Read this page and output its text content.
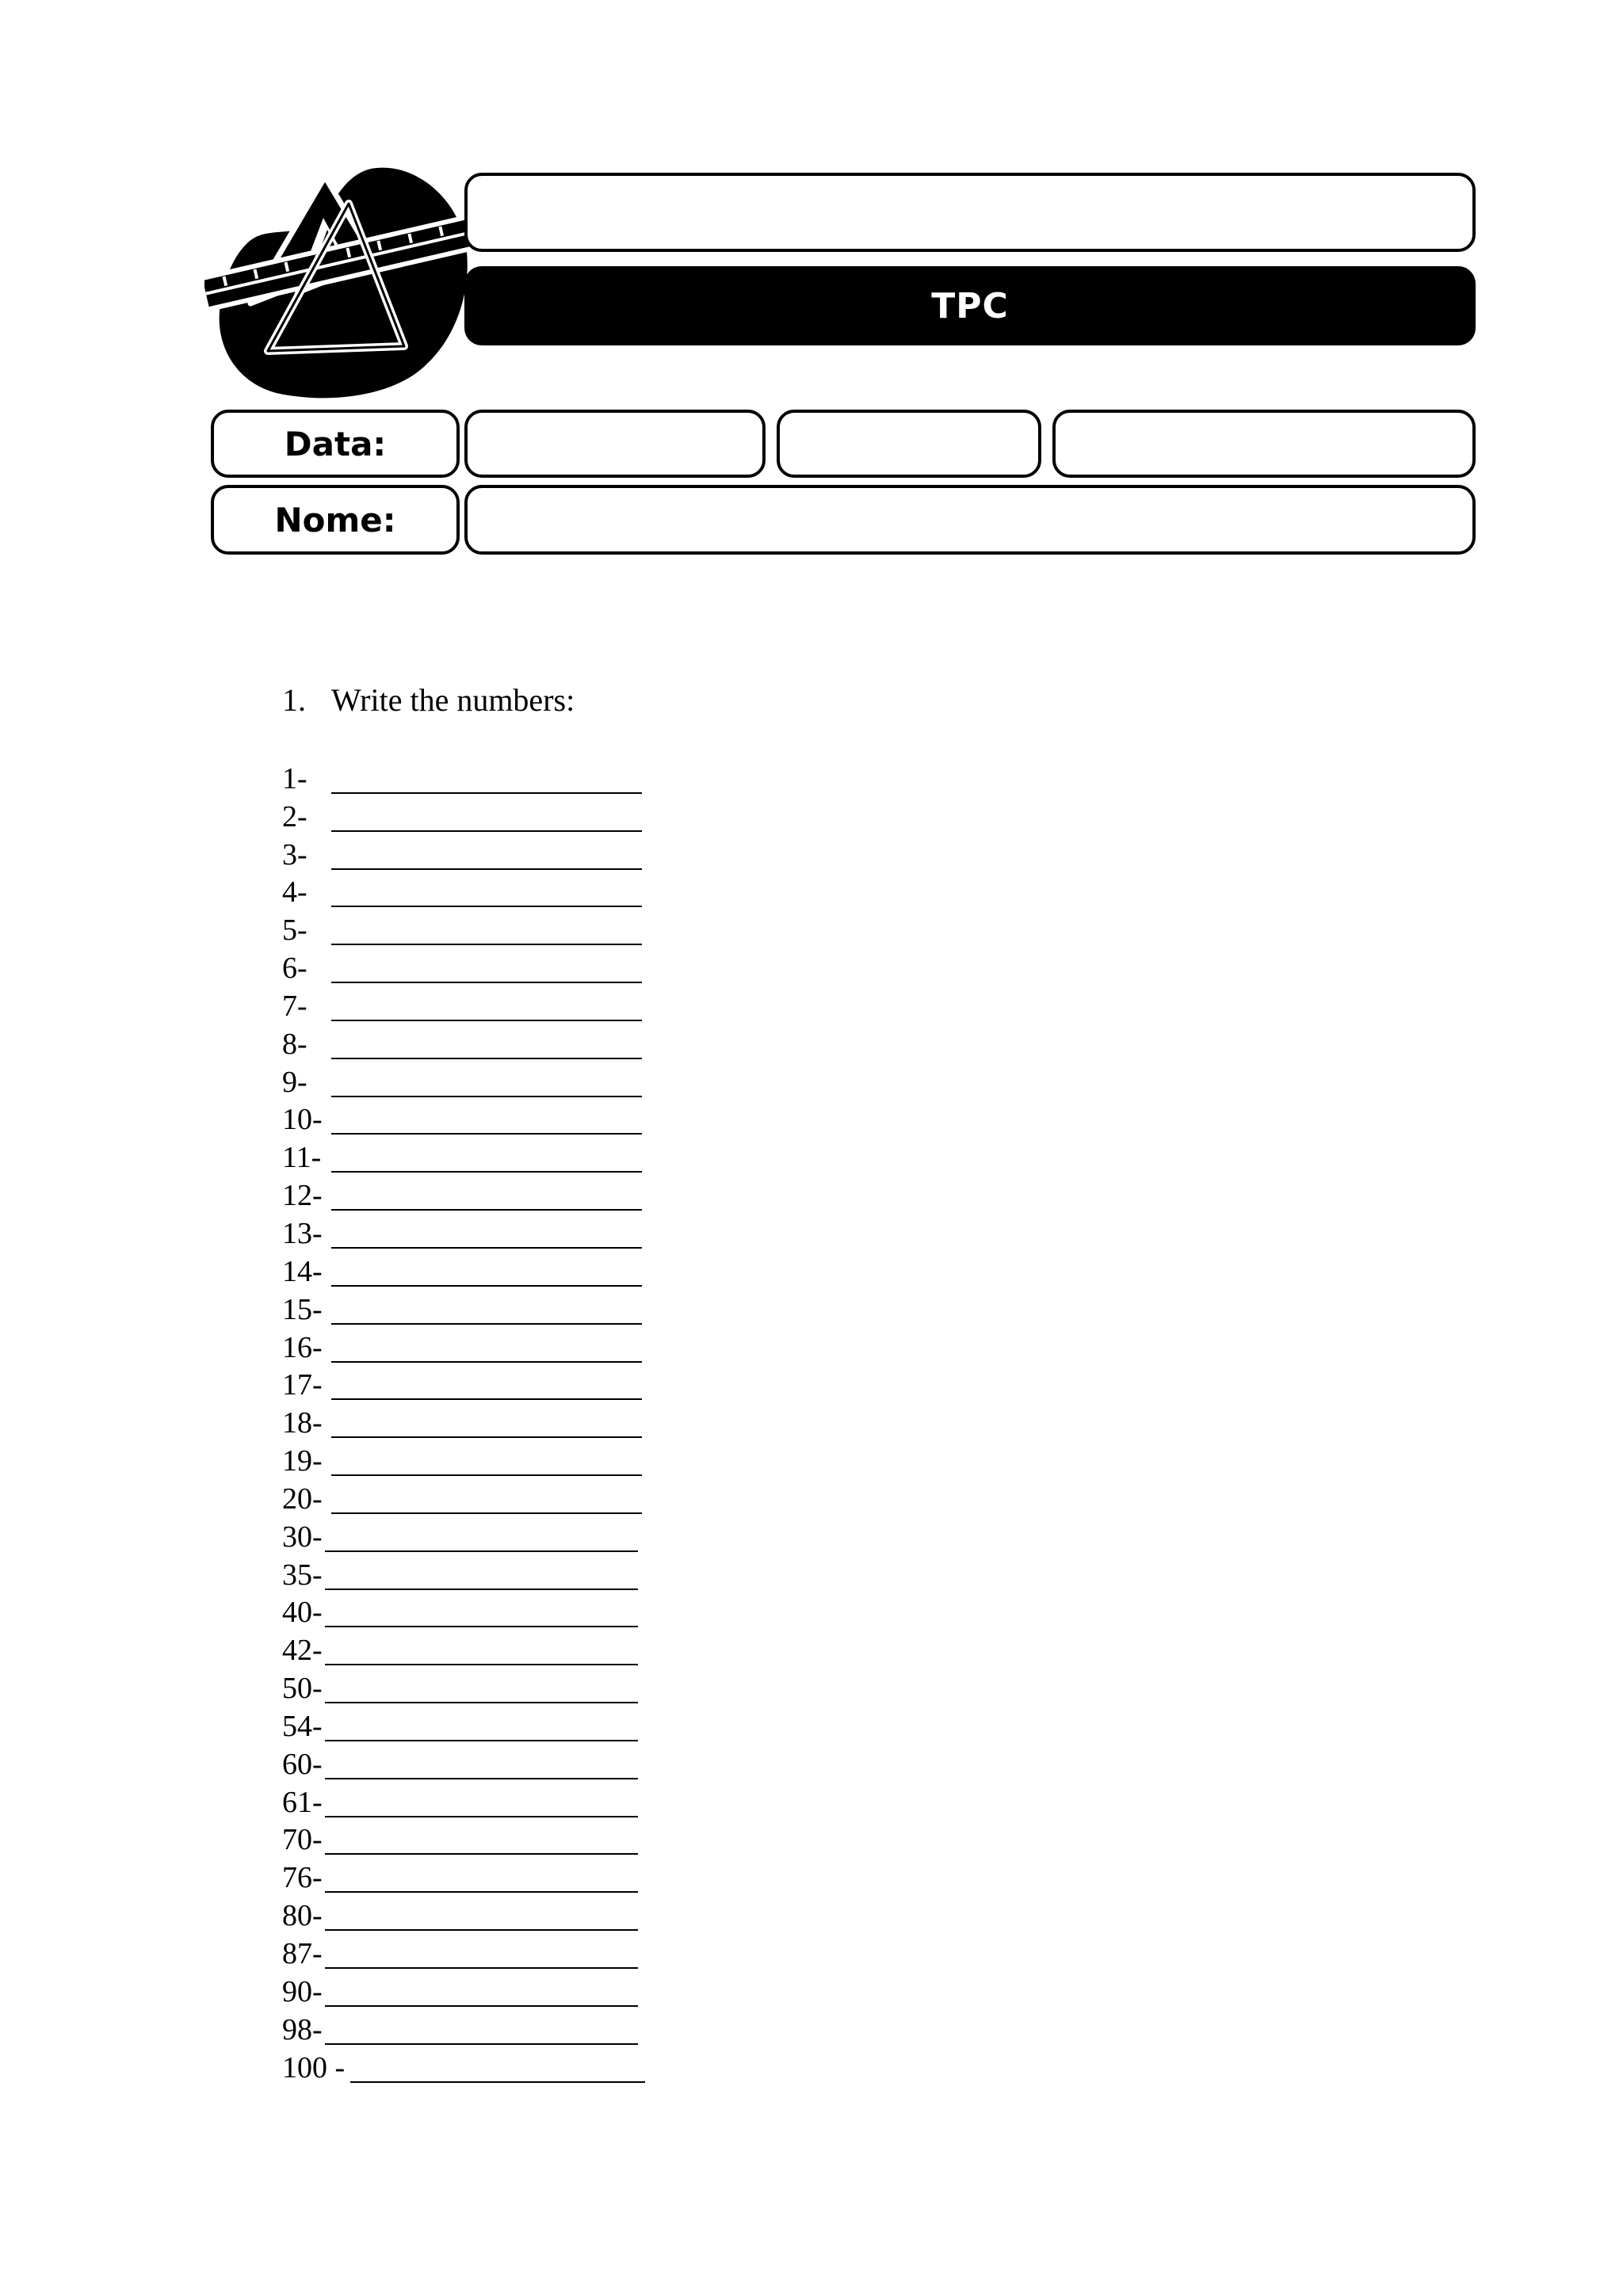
TPC
Data:
Nome:
1. Write the numbers:
1-
2-
3-
4-
5-
6-
7-
8-
9-
10-
11-
12-
13-
14-
15-
16-
17-
18-
19-
20-
30-
35-
40-
42-
50-
54-
60-
61-
70-
76-
80-
87-
90-
98-
100 -
